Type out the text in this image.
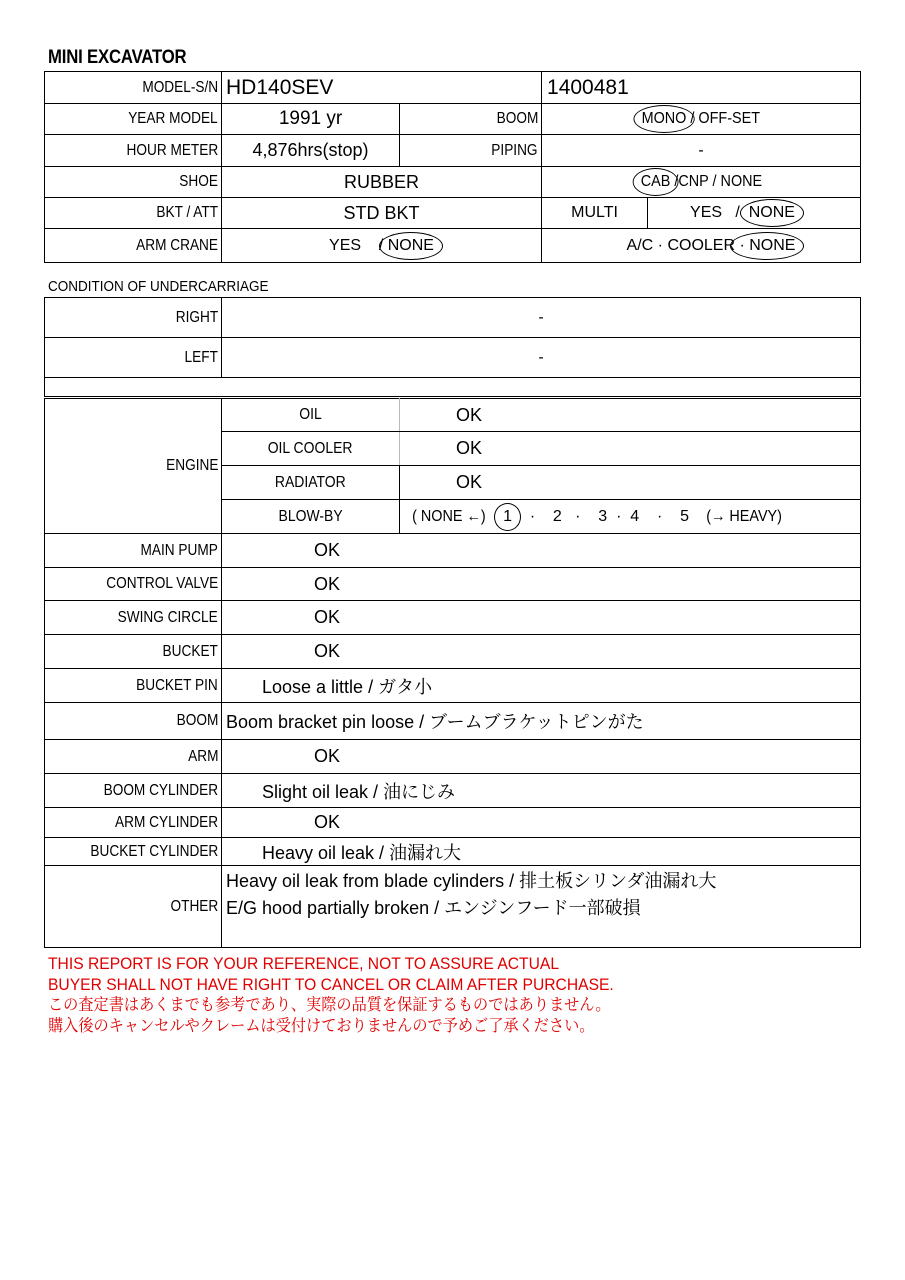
MINI EXCAVATOR
MODEL-S/N	HD140SEV		1400481	
YEAR MODEL	1991 yr	BOOM	MONO / OFF-SET	
HOUR METER	4,876hrs(stop)	PIPING	-	
SHOE	RUBBER		CAB /CNP / NONE	
BKT / ATT	STD BKT		MULTI	YES / NONE
ARM CRANE	YES / NONE		A/C · COOLER · NONE	
CONDITION OF UNDERCARRIAGE
RIGHT	-
LEFT	-

ENGINE	OIL	OK
	OIL COOLER	OK
	RADIATOR	OK
	BLOW-BY	( NONE ←) 1 · 2 · 3 · 4 · 5 (→ HEAVY)
MAIN PUMP	OK	
CONTROL VALVE	OK	
SWING CIRCLE	OK	
BUCKET	OK	
BUCKET PIN	Loose a little / ガタ小	
BOOM	Boom bracket pin loose / ブームブラケットピンがた	
ARM	OK	
BOOM CYLINDER	Slight oil leak / 油にじみ	
ARM CYLINDER	OK	
BUCKET CYLINDER	Heavy oil leak / 油漏れ大	
OTHER	Heavy oil leak from blade cylinders / 排土板シリンダ油漏れ大
E/G hood partially broken / エンジンフード一部破損	
THIS REPORT IS FOR YOUR REFERENCE, NOT TO ASSURE ACTUAL
BUYER SHALL NOT HAVE RIGHT TO CANCEL OR CLAIM AFTER PURCHASE.
この査定書はあくまでも参考であり、実際の品質を保証するものではありません。
購入後のキャンセルやクレームは受付けておりませんので予めご了承ください。
